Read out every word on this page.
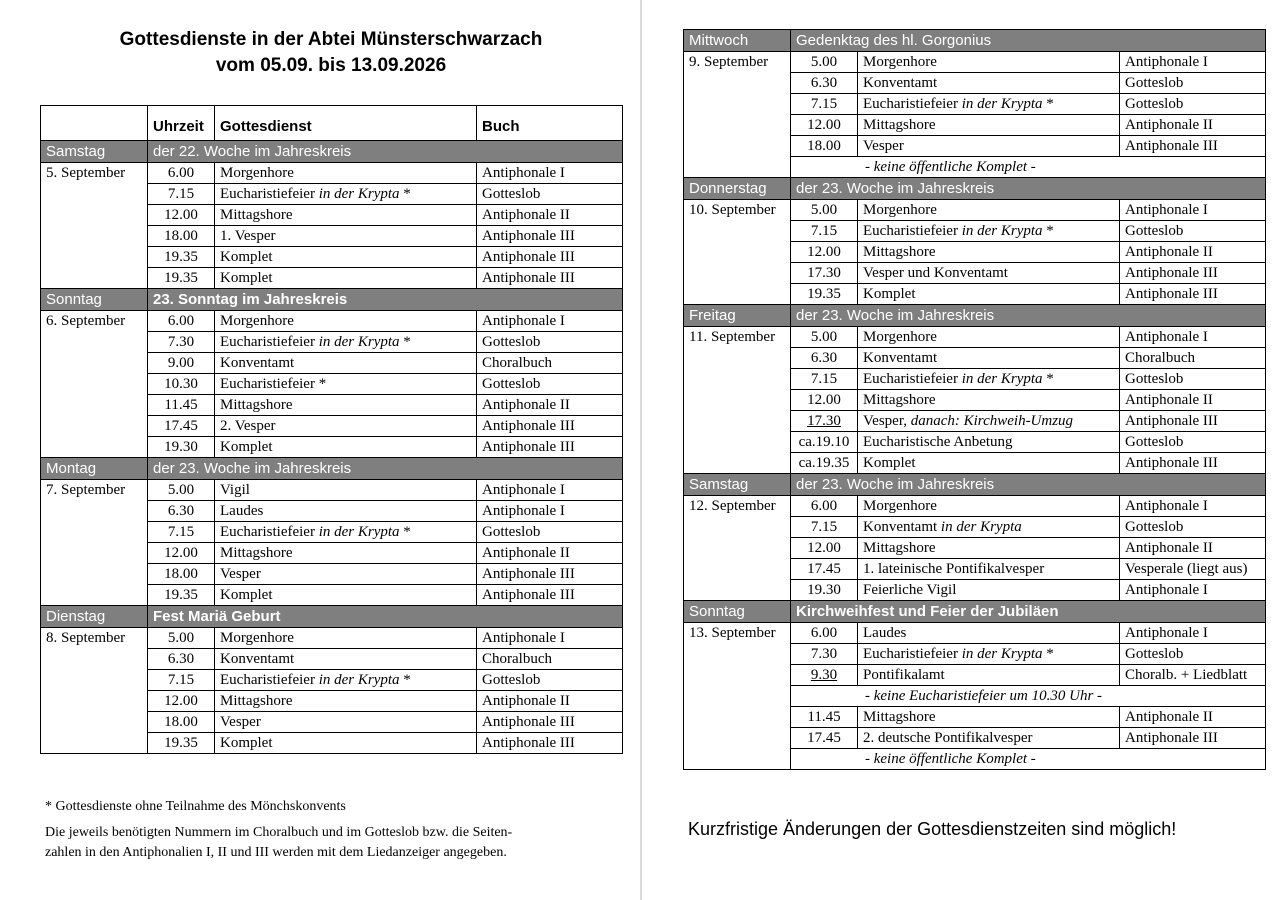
Gottesdienste in der Abtei Münsterschwarzach
vom 05.09. bis 13.09.2026
	Uhrzeit	Gottesdienst	Buch
Samstag	der 22. Woche im Jahreskreis		
5. September	6.00	Morgenhore	Antiphonale I
	7.15	Eucharistiefeier in der Krypta *	Gotteslob
	12.00	Mittagshore	Antiphonale II
	18.00	1. Vesper	Antiphonale III
	19.35	Komplet	Antiphonale III
	19.35	Komplet	Antiphonale III
Sonntag	23. Sonntag im Jahreskreis		
6. September	6.00	Morgenhore	Antiphonale I
	7.30	Eucharistiefeier in der Krypta *	Gotteslob
	9.00	Konventamt	Choralbuch
	10.30	Eucharistiefeier *	Gotteslob
	11.45	Mittagshore	Antiphonale II
	17.45	2. Vesper	Antiphonale III
	19.30	Komplet	Antiphonale III
Montag	der 23. Woche im Jahreskreis		
7. September	5.00	Vigil	Antiphonale I
	6.30	Laudes	Antiphonale I
	7.15	Eucharistiefeier in der Krypta *	Gotteslob
	12.00	Mittagshore	Antiphonale II
	18.00	Vesper	Antiphonale III
	19.35	Komplet	Antiphonale III
Dienstag	Fest Mariä Geburt		
8. September	5.00	Morgenhore	Antiphonale I
	6.30	Konventamt	Choralbuch
	7.15	Eucharistiefeier in der Krypta *	Gotteslob
	12.00	Mittagshore	Antiphonale II
	18.00	Vesper	Antiphonale III
	19.35	Komplet	Antiphonale III
Mittwoch	Gedenktag des hl. Gorgonius		
9. September	5.00	Morgenhore	Antiphonale I
	6.30	Konventamt	Gotteslob
	7.15	Eucharistiefeier in der Krypta *	Gotteslob
	12.00	Mittagshore	Antiphonale II
	18.00	Vesper	Antiphonale III
	- keine öffentliche Komplet -		
Donnerstag	der 23. Woche im Jahreskreis		
10. September	5.00	Morgenhore	Antiphonale I
	7.15	Eucharistiefeier in der Krypta *	Gotteslob
	12.00	Mittagshore	Antiphonale II
	17.30	Vesper und Konventamt	Antiphonale III
	19.35	Komplet	Antiphonale III
Freitag	der 23. Woche im Jahreskreis		
11. September	5.00	Morgenhore	Antiphonale I
	6.30	Konventamt	Choralbuch
	7.15	Eucharistiefeier in der Krypta *	Gotteslob
	12.00	Mittagshore	Antiphonale II
	17.30	Vesper, danach: Kirchweih-Umzug	Antiphonale III
	ca.19.10	Eucharistische Anbetung	Gotteslob
	ca.19.35	Komplet	Antiphonale III
Samstag	der 23. Woche im Jahreskreis		
12. September	6.00	Morgenhore	Antiphonale I
	7.15	Konventamt in der Krypta	Gotteslob
	12.00	Mittagshore	Antiphonale II
	17.45	1. lateinische Pontifikalvesper	Vesperale (liegt aus)
	19.30	Feierliche Vigil	Antiphonale I
Sonntag	Kirchweihfest und Feier der Jubiläen		
13. September	6.00	Laudes	Antiphonale I
	7.30	Eucharistiefeier in der Krypta *	Gotteslob
	9.30	Pontifikalamt	Choralb. + Liedblatt
	- keine Eucharistiefeier um 10.30 Uhr -		
	11.45	Mittagshore	Antiphonale II
	17.45	2. deutsche Pontifikalvesper	Antiphonale III
	- keine öffentliche Komplet -		
* Gottesdienste ohne Teilnahme des Mönchskonvents
Die jeweils benötigten Nummern im Choralbuch und im Gotteslob bzw. die Seiten-
zahlen in den Antiphonalien I, II und III werden mit dem Liedanzeiger angegeben.
Kurzfristige Änderungen der Gottesdienstzeiten sind möglich!
